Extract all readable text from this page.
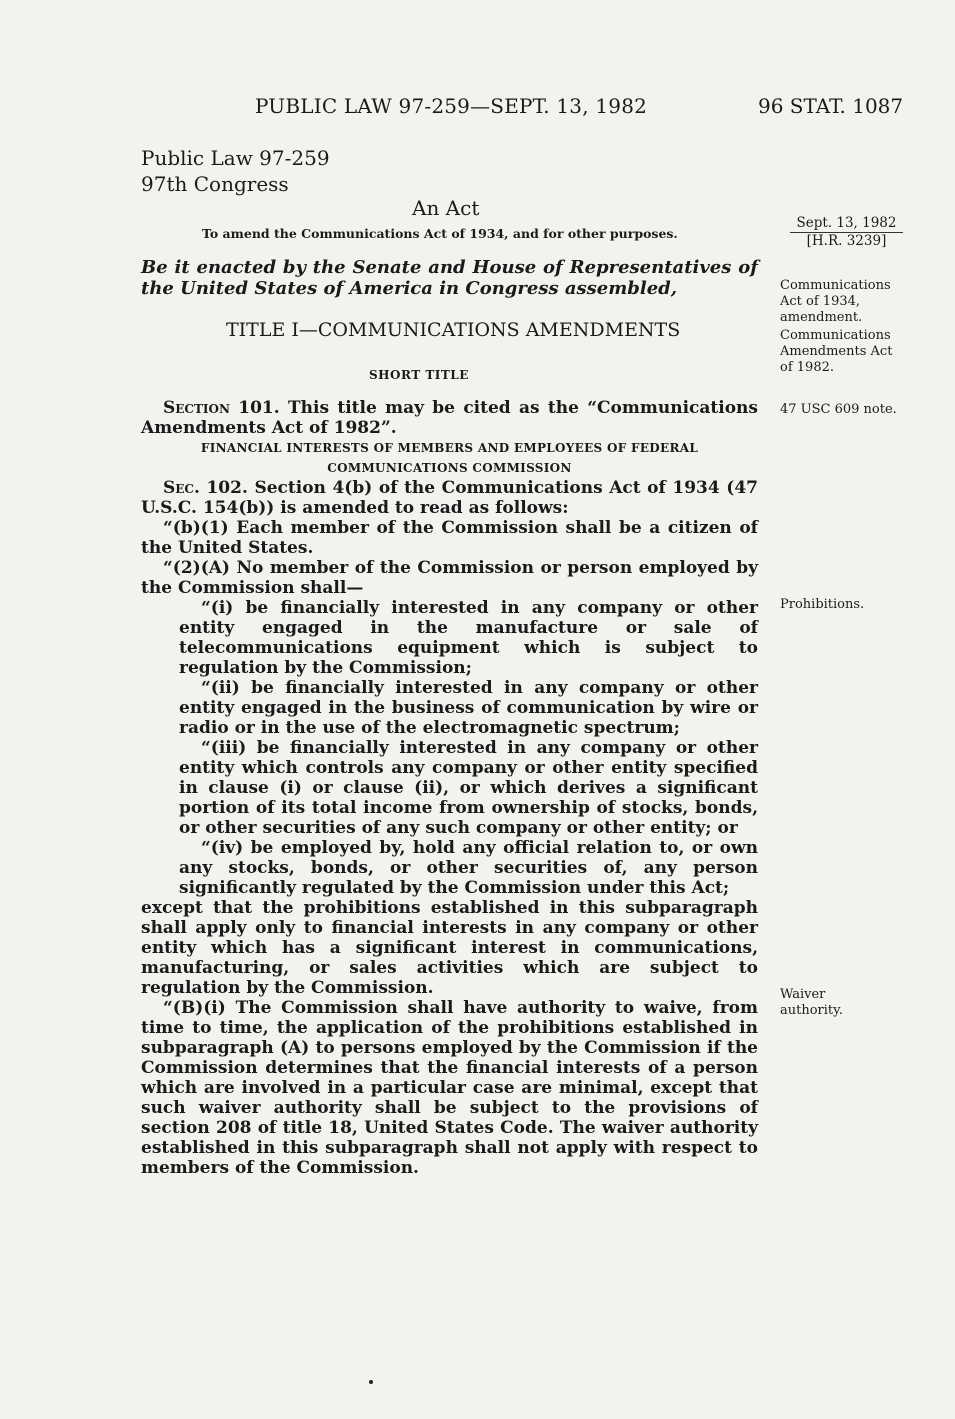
PUBLIC LAW 97-259—SEPT. 13, 1982	96 STAT. 1087
Public Law 97-259
97th Congress
An Act
To amend the Communications Act of 1934, and for other purposes.
Be it enacted by the Senate and House of Representatives of the United States of America in Congress assembled,
TITLE I—COMMUNICATIONS AMENDMENTS
SHORT TITLE

Section 101. This title may be cited as the “Communications Amendments Act of 1982”.

FINANCIAL INTERESTS OF MEMBERS AND EMPLOYEES OF FEDERAL COMMUNICATIONS COMMISSION

Sec. 102. Section 4(b) of the Communications Act of 1934 (47 U.S.C. 154(b)) is amended to read as follows:

“(b)(1) Each member of the Commission shall be a citizen of the United States.

“(2)(A) No member of the Commission or person employed by the Commission shall—

“(i) be financially interested in any company or other entity engaged in the manufacture or sale of telecommunications equipment which is subject to regulation by the Commission;

“(ii) be financially interested in any company or other entity engaged in the business of communication by wire or radio or in the use of the electromagnetic spectrum;

“(iii) be financially interested in any company or other entity which controls any company or other entity specified in clause (i) or clause (ii), or which derives a significant portion of its total income from ownership of stocks, bonds, or other securities of any such company or other entity; or

“(iv) be employed by, hold any official relation to, or own any stocks, bonds, or other securities of, any person significantly regulated by the Commission under this Act;

except that the prohibitions established in this subparagraph shall apply only to financial interests in any company or other entity which has a significant interest in communications, manufacturing, or sales activities which are subject to regulation by the Commission.

“(B)(i) The Commission shall have authority to waive, from time to time, the application of the prohibitions established in subparagraph (A) to persons employed by the Commission if the Commission determines that the financial interests of a person which are involved in a particular case are minimal, except that such waiver authority shall be subject to the provisions of section 208 of title 18, United States Code. The waiver authority established in this subparagraph shall not apply with respect to members of the Commission.

Sept. 13, 1982
[H.R. 3239]
Communications Act of 1934, amendment.
Communications Amendments Act of 1982.
47 USC 609 note.
Prohibitions.
Waiver authority.
